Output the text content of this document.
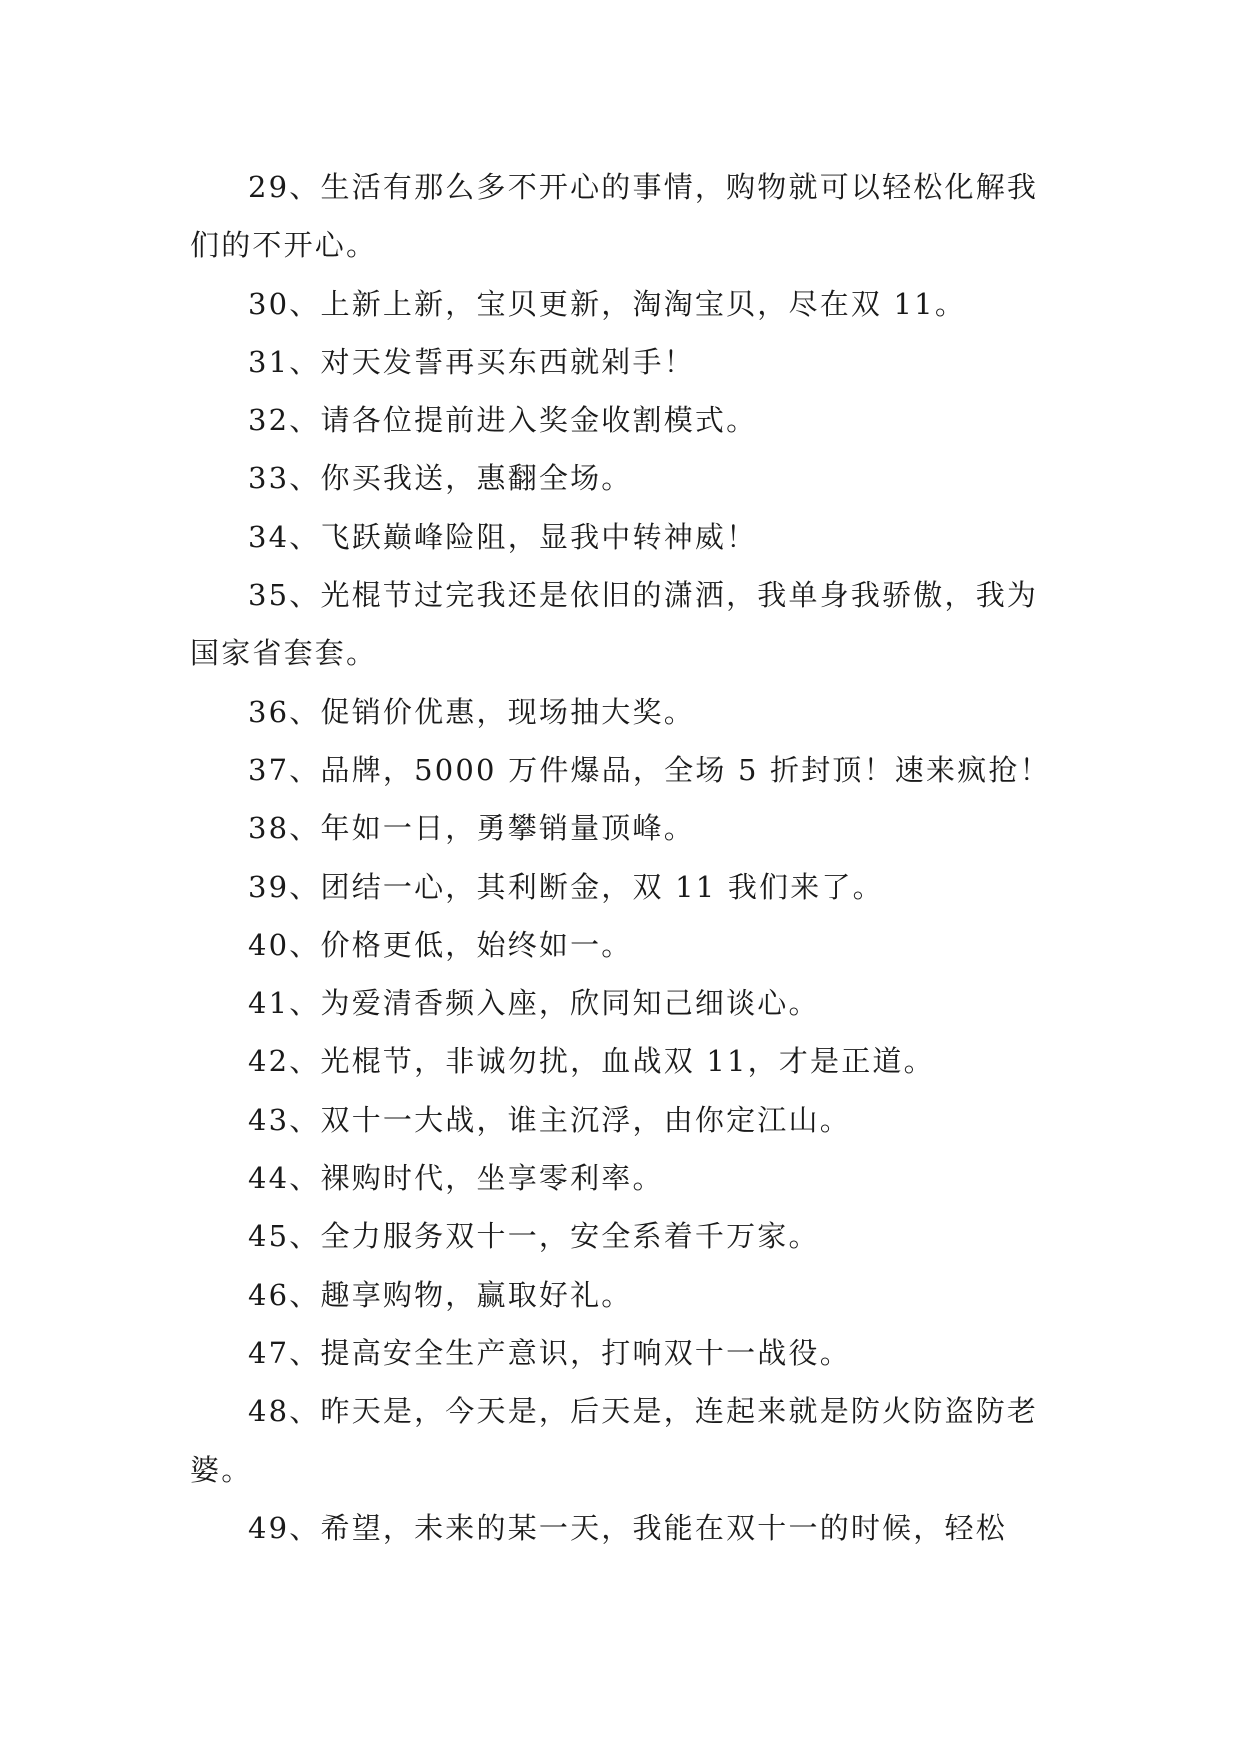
29、生活有那么多不开心的事情，购物就可以轻松化解我们的不开心。

30、上新上新，宝贝更新，淘淘宝贝，尽在双 11。

31、对天发誓再买东西就剁手！

32、请各位提前进入奖金收割模式。

33、你买我送，惠翻全场。

34、飞跃巅峰险阻，显我中转神威！

35、光棍节过完我还是依旧的潇洒，我单身我骄傲，我为国家省套套。

36、促销价优惠，现场抽大奖。

37、品牌，5000 万件爆品，全场 5 折封顶！速来疯抢！

38、年如一日，勇攀销量顶峰。

39、团结一心，其利断金，双 11 我们来了。

40、价格更低，始终如一。

41、为爱清香频入座，欣同知己细谈心。

42、光棍节，非诚勿扰，血战双 11，才是正道。

43、双十一大战，谁主沉浮，由你定江山。

44、裸购时代，坐享零利率。

45、全力服务双十一，安全系着千万家。

46、趣享购物，赢取好礼。

47、提高安全生产意识，打响双十一战役。

48、昨天是，今天是，后天是，连起来就是防火防盗防老婆。

49、希望，未来的某一天，我能在双十一的时候，轻松
